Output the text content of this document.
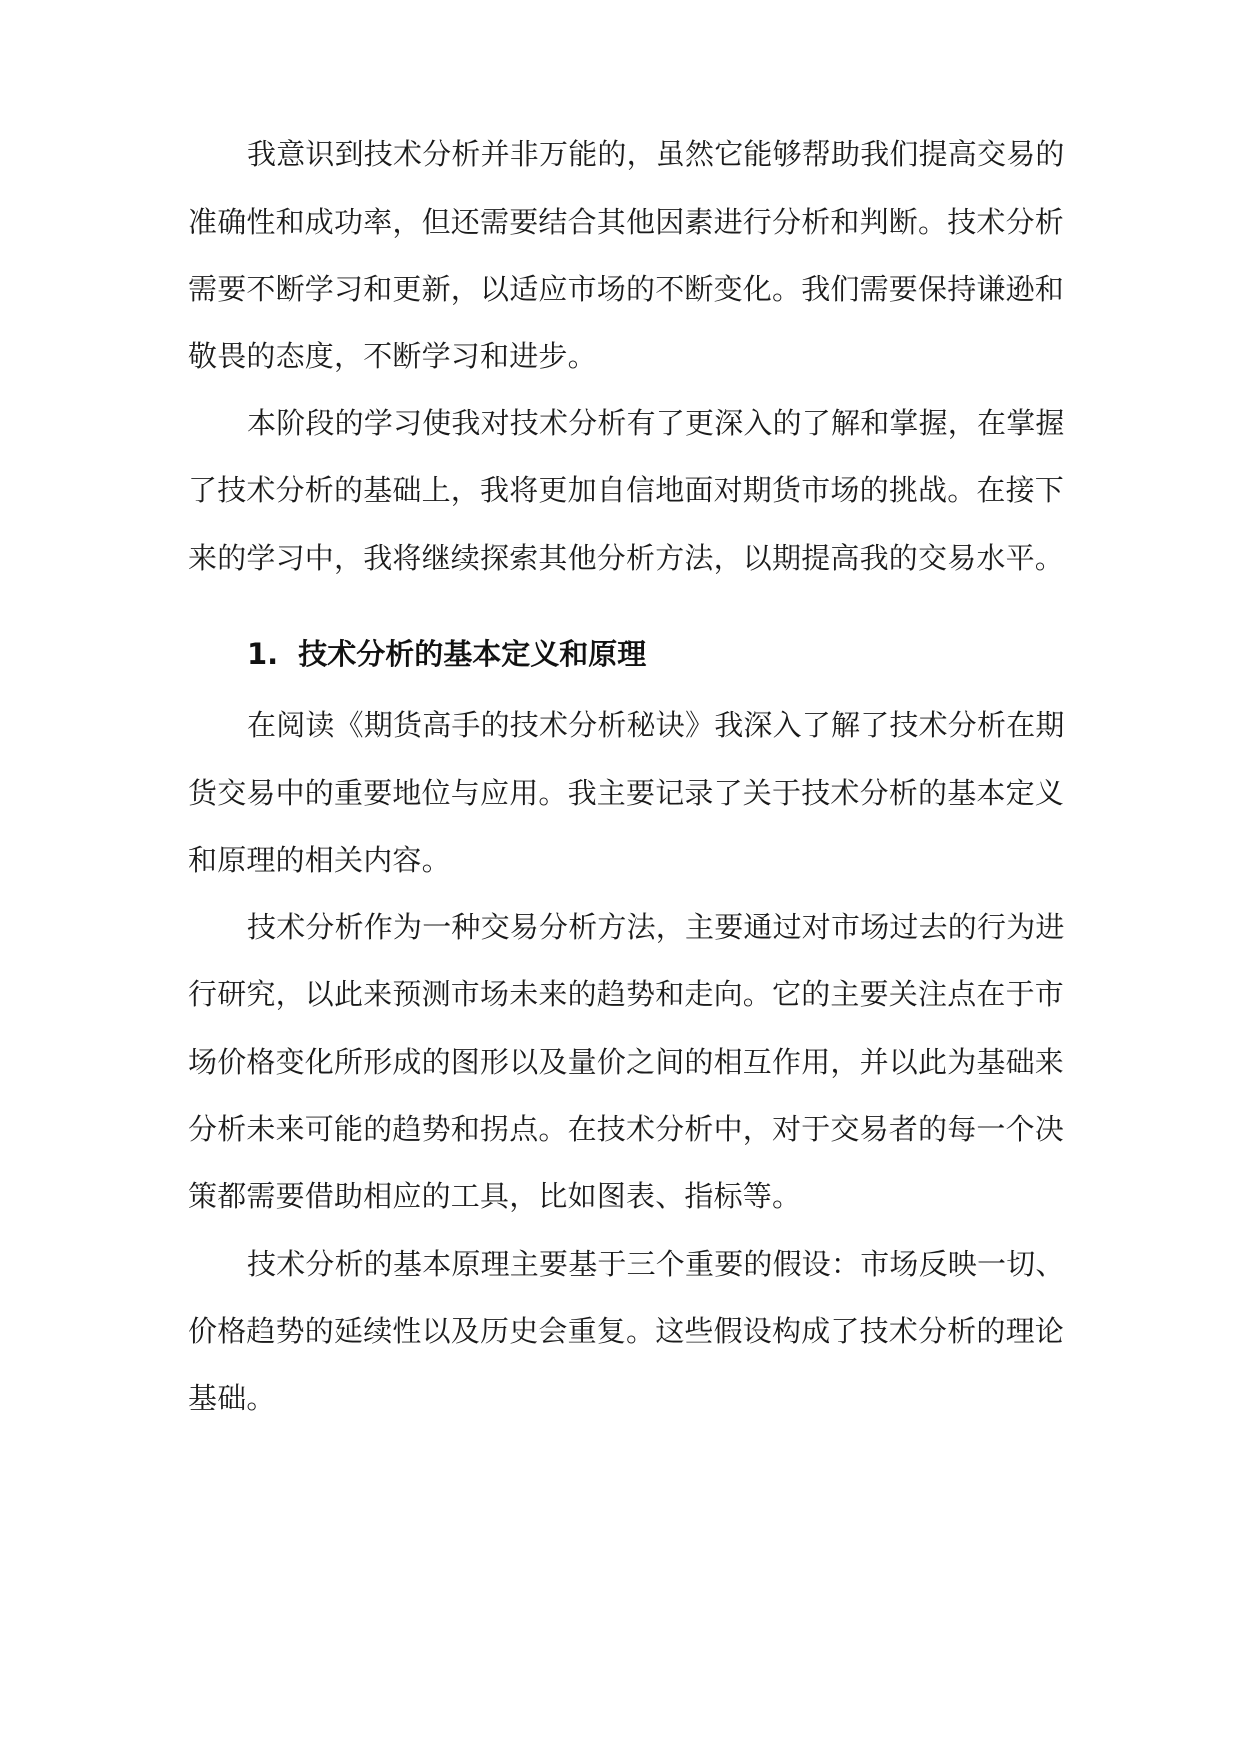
我意识到技术分析并非万能的，虽然它能够帮助我们提高交易的
准确性和成功率，但还需要结合其他因素进行分析和判断。技术分析
需要不断学习和更新，以适应市场的不断变化。我们需要保持谦逊和
敬畏的态度，不断学习和进步。
本阶段的学习使我对技术分析有了更深入的了解和掌握，在掌握
了技术分析的基础上，我将更加自信地面对期货市场的挑战。在接下
来的学习中，我将继续探索其他分析方法，以期提高我的交易水平。
1. 技术分析的基本定义和原理
在阅读《期货高手的技术分析秘诀》我深入了解了技术分析在期
货交易中的重要地位与应用。我主要记录了关于技术分析的基本定义
和原理的相关内容。
技术分析作为一种交易分析方法，主要通过对市场过去的行为进
行研究，以此来预测市场未来的趋势和走向。它的主要关注点在于市
场价格变化所形成的图形以及量价之间的相互作用，并以此为基础来
分析未来可能的趋势和拐点。在技术分析中，对于交易者的每一个决
策都需要借助相应的工具，比如图表、指标等。
技术分析的基本原理主要基于三个重要的假设：市场反映一切、
价格趋势的延续性以及历史会重复。这些假设构成了技术分析的理论
基础。
